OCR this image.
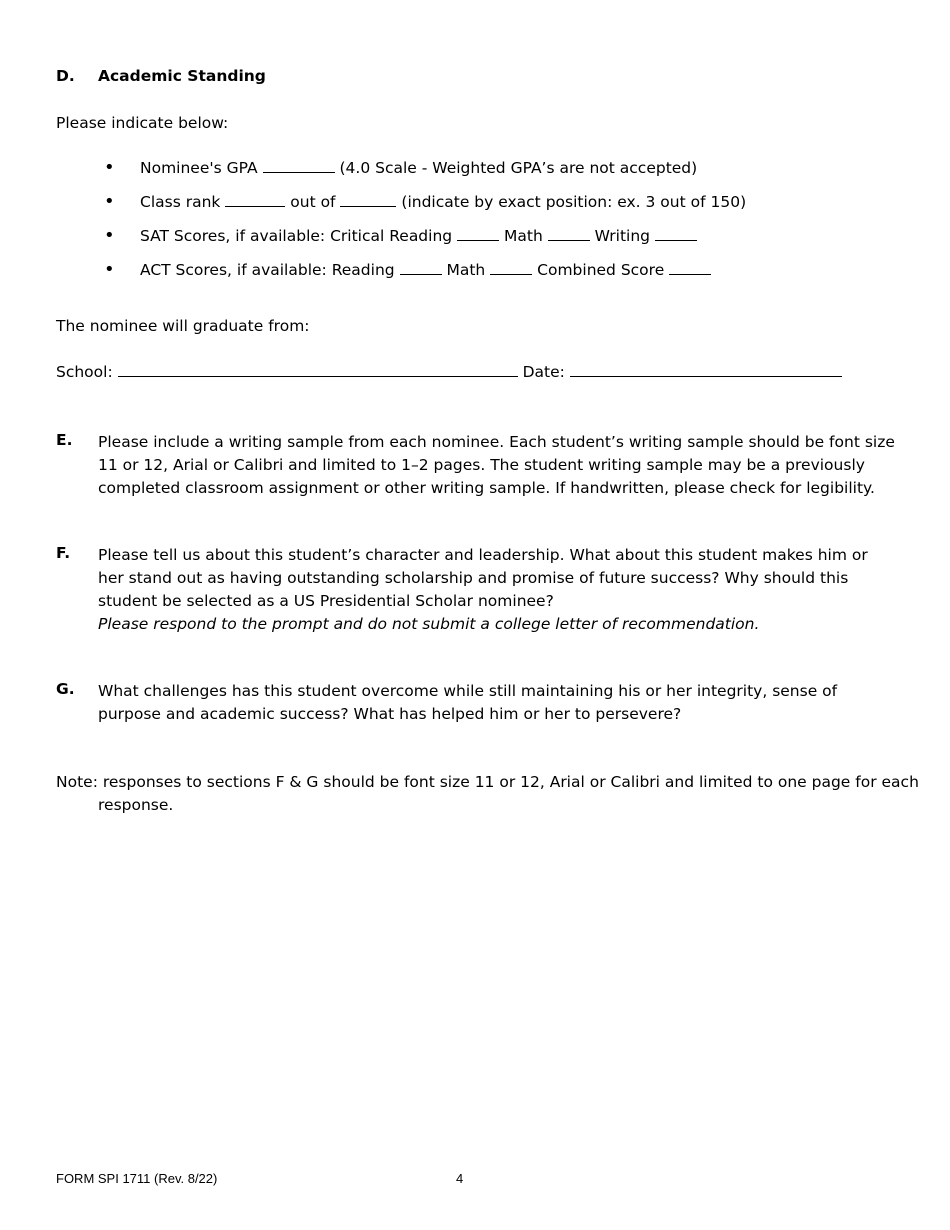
D. Academic Standing
Please indicate below:
• Nominee's GPA	(4.0 Scale - Weighted GPA’s are not accepted)
• Class rank	out of	(indicate by exact position: ex. 3 out of 150)
• SAT Scores, if available: Critical Reading	Math	Writing
• ACT Scores, if available: Reading	Math	Combined Score
The nominee will graduate from:
School:	Date:
E. Please include a writing sample from each nominee. Each student’s writing sample should be font size 11 or 12, Arial or Calibri and limited to 1–2 pages. The student writing sample may be a previously completed classroom assignment or other writing sample. If handwritten, please check for legibility.
F. Please tell us about this student’s character and leadership. What about this student makes him or her stand out as having outstanding scholarship and promise of future success? Why should this student be selected as a US Presidential Scholar nominee?
Please respond to the prompt and do not submit a college letter of recommendation.
G. What challenges has this student overcome while still maintaining his or her integrity, sense of purpose and academic success? What has helped him or her to persevere?
Note: responses to sections F & G should be font size 11 or 12, Arial or Calibri and limited to one page for each response.
FORM SPI 1711 (Rev. 8/22)	4
